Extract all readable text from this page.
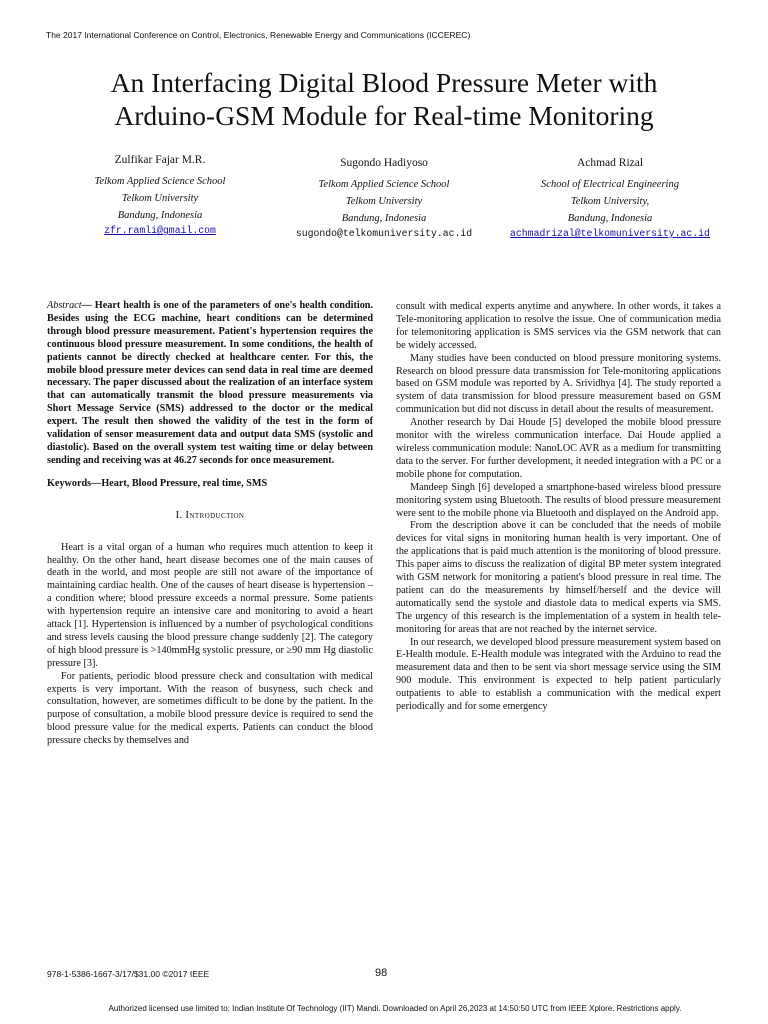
The 2017 International Conference on Control, Electronics, Renewable Energy and Communications (ICCEREC)
An Interfacing Digital Blood Pressure Meter with
Arduino-GSM Module for Real-time Monitoring
Zulfikar Fajar M.R.
Telkom Applied Science School
Telkom University
Bandung, Indonesia
zfr.ramli@gmail.com
Sugondo Hadiyoso
Telkom Applied Science School
Telkom University
Bandung, Indonesia
sugondo@telkomuniversity.ac.id
Achmad Rizal
School of Electrical Engineering
Telkom University,
Bandung, Indonesia
achmadrizal@telkomuniversity.ac.id

Abstract— Heart health is one of the parameters of one's health condition. Besides using the ECG machine, heart conditions can be determined through blood pressure measurement. Patient's hypertension requires the continuous blood pressure measurement. In some conditions, the health of patients cannot be directly checked at healthcare center. For this, the mobile blood pressure meter devices can send data in real time are deemed necessary. The paper discussed about the realization of an interface system that can automatically transmit the blood pressure measurements via Short Message Service (SMS) addressed to the doctor or the medical expert. The result then showed the validity of the test in the form of validation of sensor measurement data and output data SMS (systolic and diastolic). Based on the overall system test waiting time or delay between sending and receiving was at 46.27 seconds for once measurement.

Keywords—Heart, Blood Pressure, real time, SMS

I. Introduction

Heart is a vital organ of a human who requires much attention to keep it healthy. On the other hand, heart disease becomes one of the main causes of death in the world, and most people are still not aware of the importance of maintaining cardiac health. One of the causes of heart disease is hypertension – a condition where; blood pressure exceeds a normal pressure. Some patients with hypertension require an intensive care and monitoring to avoid a heart attack [1]. Hypertension is influenced by a number of psychological conditions and stress levels causing the blood pressure change suddenly [2]. The category of high blood pressure is >140mmHg systolic pressure, or ≥90 mm Hg diastolic pressure [3].

For patients, periodic blood pressure check and consultation with medical experts is very important. With the reason of busyness, such check and consultation, however, are sometimes difficult to be done by the patient. In the purpose of consultation, a mobile blood pressure device is required to send the blood pressure value for the medical experts. Patients can conduct the blood pressure checks by themselves and

consult with medical experts anytime and anywhere. In other words, it takes a Tele-monitoring application to resolve the issue. One of communication media for telemonitoring application is SMS services via the GSM network that can be widely accessed.

Many studies have been conducted on blood pressure monitoring systems. Research on blood pressure data transmission for Tele-monitoring applications based on GSM module was reported by A. Srividhya [4]. The study reported a system of data transmission for blood pressure measurement based on GSM communication but did not discuss in detail about the results of measurement.

Another research by Dai Houde [5] developed the mobile blood pressure monitor with the wireless communication interface. Dai Houde applied a wireless communication module: NanoLOC AVR as a medium for transmitting data to the server. For further development, it needed integration with a PC or a mobile phone for computation.

Mandeep Singh [6] developed a smartphone-based wireless blood pressure monitoring system using Bluetooth. The results of blood pressure measurement were sent to the mobile phone via Bluetooth and displayed on the Android app.

From the description above it can be concluded that the needs of mobile devices for vital signs in monitoring human health is very important. One of the applications that is paid much attention is the monitoring of blood pressure. This paper aims to discuss the realization of digital BP meter system integrated with GSM network for monitoring a patient's blood pressure in real time. The patient can do the measurements by himself/herself and the device will automatically send the systole and diastole data to medical experts via SMS. The urgency of this research is the implementation of a system in health tele-monitoring for areas that are not reached by the internet service.

In our research, we developed blood pressure measurement system based on E-Health module. E-Health module was integrated with the Arduino to read the measurement data and then to be sent via short message service using the SIM 900 module. This environment is expected to help patient particularly outpatients to able to establish a communication with the medical expert periodically and for some emergency

978-1-5386-1667-3/17/$31.00 ©2017 IEEE	98
Authorized licensed use limited to: Indian Institute Of Technology (IIT) Mandi. Downloaded on April 26,2023 at 14:50:50 UTC from IEEE Xplore. Restrictions apply.
